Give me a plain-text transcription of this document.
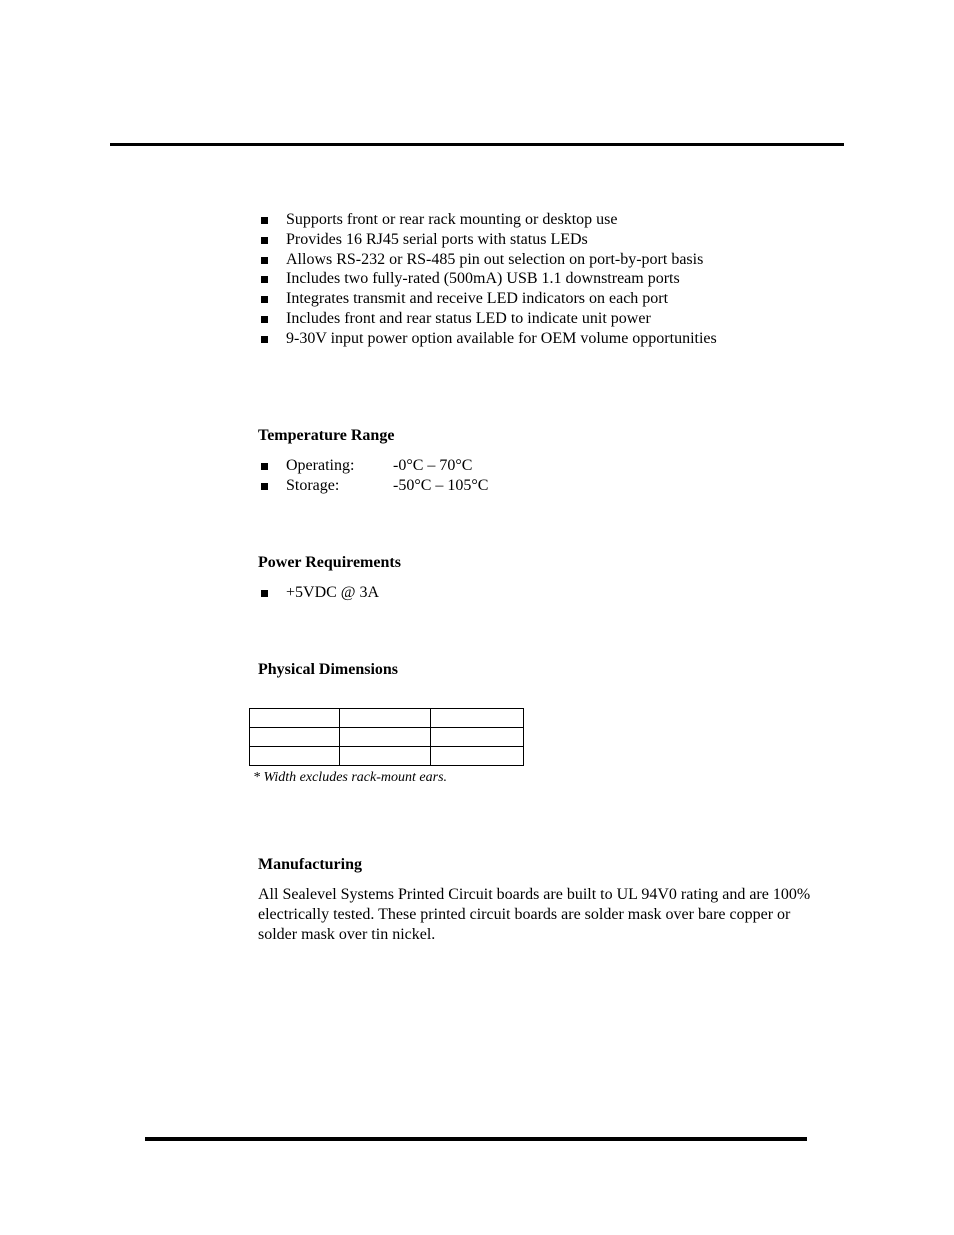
Supports front or rear rack mounting or desktop use
Provides 16 RJ45 serial ports with status LEDs
Allows RS-232 or RS-485 pin out selection on port-by-port basis
Includes two fully-rated (500mA) USB 1.1 downstream ports
Integrates transmit and receive LED indicators on each port
Includes front and rear status LED to indicate unit power
9-30V input power option available for OEM volume opportunities
Temperature Range
Operating: -0°C – 70°C
Storage:	-50°C – 105°C
Power Requirements
+5VDC @ 3A
Physical Dimensions

* Width excludes rack-mount ears.
Manufacturing

All Sealevel Systems Printed Circuit boards are built to UL 94V0 rating and are 100% electrically tested. These printed circuit boards are solder mask over bare copper or solder mask over tin nickel.
